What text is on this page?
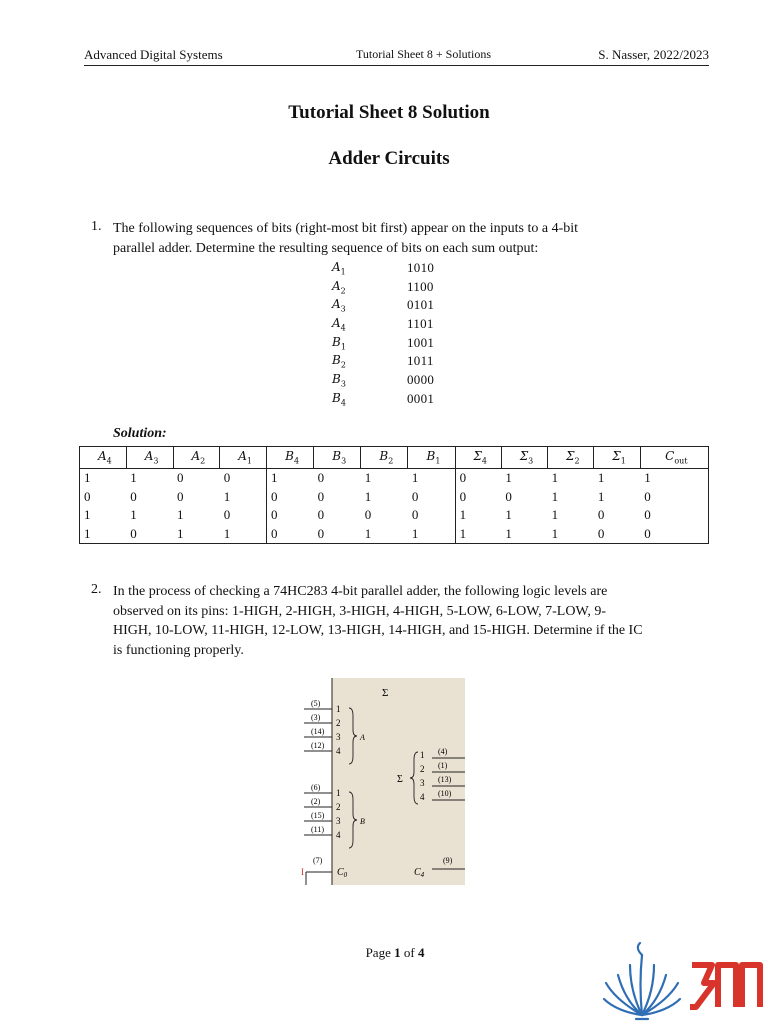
Advanced Digital Systems	Tutorial Sheet 8 + Solutions	S. Nasser, 2022/2023
Tutorial Sheet 8 Solution
Adder Circuits
1. The following sequences of bits (right-most bit first) appear on the inputs to a 4-bit
parallel adder. Determine the resulting sequence of bits on each sum output:
$A_1$	1010
$A_2$	1100
$A_3$	0101
$A_4$	1101
$B_1$	1001
$B_2$	1011
$B_3$	0000
$B_4$	0001
Solution:
$A_4$	$A_3$	$A_2$	$A_1$	$B_4$	$B_3$	$B_2$	$B_1$	$\Sigma_4$	$\Sigma_3$	$\Sigma_2$	$\Sigma_1$	$C_{out}$
1	1	0	0	1	0	1	1	0	1	1	1	1
0	0	0	1	0	0	1	0	0	0	1	1	0
1	1	1	0	0	0	0	0	1	1	1	0	0
1	0	1	1	0	0	1	1	1	1	1	0	0
2. In the process of checking a 74HC283 4-bit parallel adder, the following logic levels are
observed on its pins: 1-HIGH, 2-HIGH, 3-HIGH, 4-HIGH, 5-LOW, 6-LOW, 7-LOW, 9-
HIGH, 10-LOW, 11-HIGH, 12-LOW, 13-HIGH, 14-HIGH, and 15-HIGH. Determine if the IC
is functioning properly.
Σ
(5)
1
(3)
2
(14)
3
(12)
4
(6)
1
(2)
2
(15)
3
(11)
4
(4)
1
(1)
2
(13)
3
(10)
4
A
B
Σ
(7)
I	$C_0$
(9)
$C_4$
Page 1 of 4
